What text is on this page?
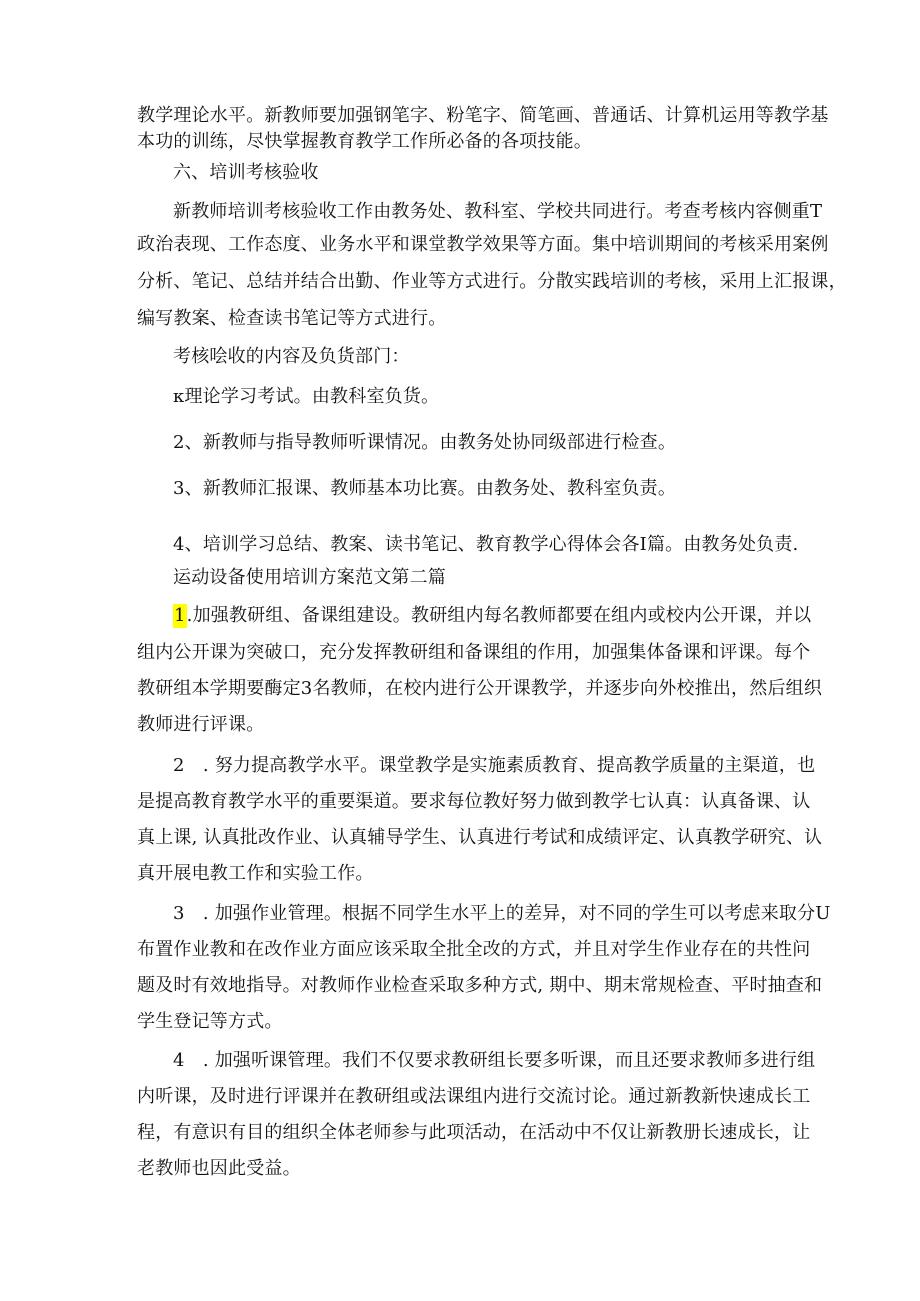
教学理论水平。新教师要加强钢笔字、粉笔字、简笔画、普通话、计算机运用等教学基
本功的训练，尽快掌握教育教学工作所必备的各项技能。
六、培训考核验收
新教师培训考核验收工作由教务处、教科室、学校共同进行。考查考核内容侧重T
政治表现、工作态度、业务水平和课堂教学效果等方面。集中培训期间的考核采用案例
分析、笔记、总结并结合出勤、作业等方式进行。分散实践培训的考核，采用上汇报课，
编写教案、检查读书笔记等方式进行。
考核哙收的内容及负货部门：
κ理论学习考试。由教科室负货。
2、新教师与指导教师听课情况。由教务处协同级部进行检查。
3、新教师汇报课、教师基本功比赛。由教务处、教科室负责。
4、培训学习总结、教案、读书笔记、教育教学心得体会各I篇。由教务处负责.
运动设备使用培训方案范文第二篇
1.加强教研组、备课组建设。教研组内每名教师都要在组内或校内公开课，并以
组内公开课为突破口，充分发挥教研组和备课组的作用，加强集体备课和评课。每个
教研组本学期要酶定3名教师，在校内进行公开课教学，并逐步向外校推出，然后组织
教师进行评课。
2　. 努力提高教学水平。课堂教学是实施素质教育、提高教学质量的主渠道，也
是提高教育教学水平的重要渠道。要求每位教好努力做到教学七认真：认真备课、认
真上课, 认真批改作业、认真辅导学生、认真进行考试和成绩评定、认真教学研究、认
真开展电教工作和实验工作。
3　. 加强作业管理。根据不同学生水平上的差异，对不同的学生可以考虑来取分U
布置作业教和在改作业方面应该采取全批全改的方式，并且对学生作业存在的共性问
题及时有效地指导。对教师作业检查采取多种方式, 期中、期末常规检查、平时抽查和
学生登记等方式。
4　. 加强听课管理。我们不仅要求教研组长要多听课，而且还要求教师多进行组
内听课，及时进行评课并在教研组或法课组内进行交流讨论。通过新教新快速成长工
程，有意识有目的组织全体老师参与此项活动，在活动中不仅让新教册长速成长，让
老教师也因此受益。
